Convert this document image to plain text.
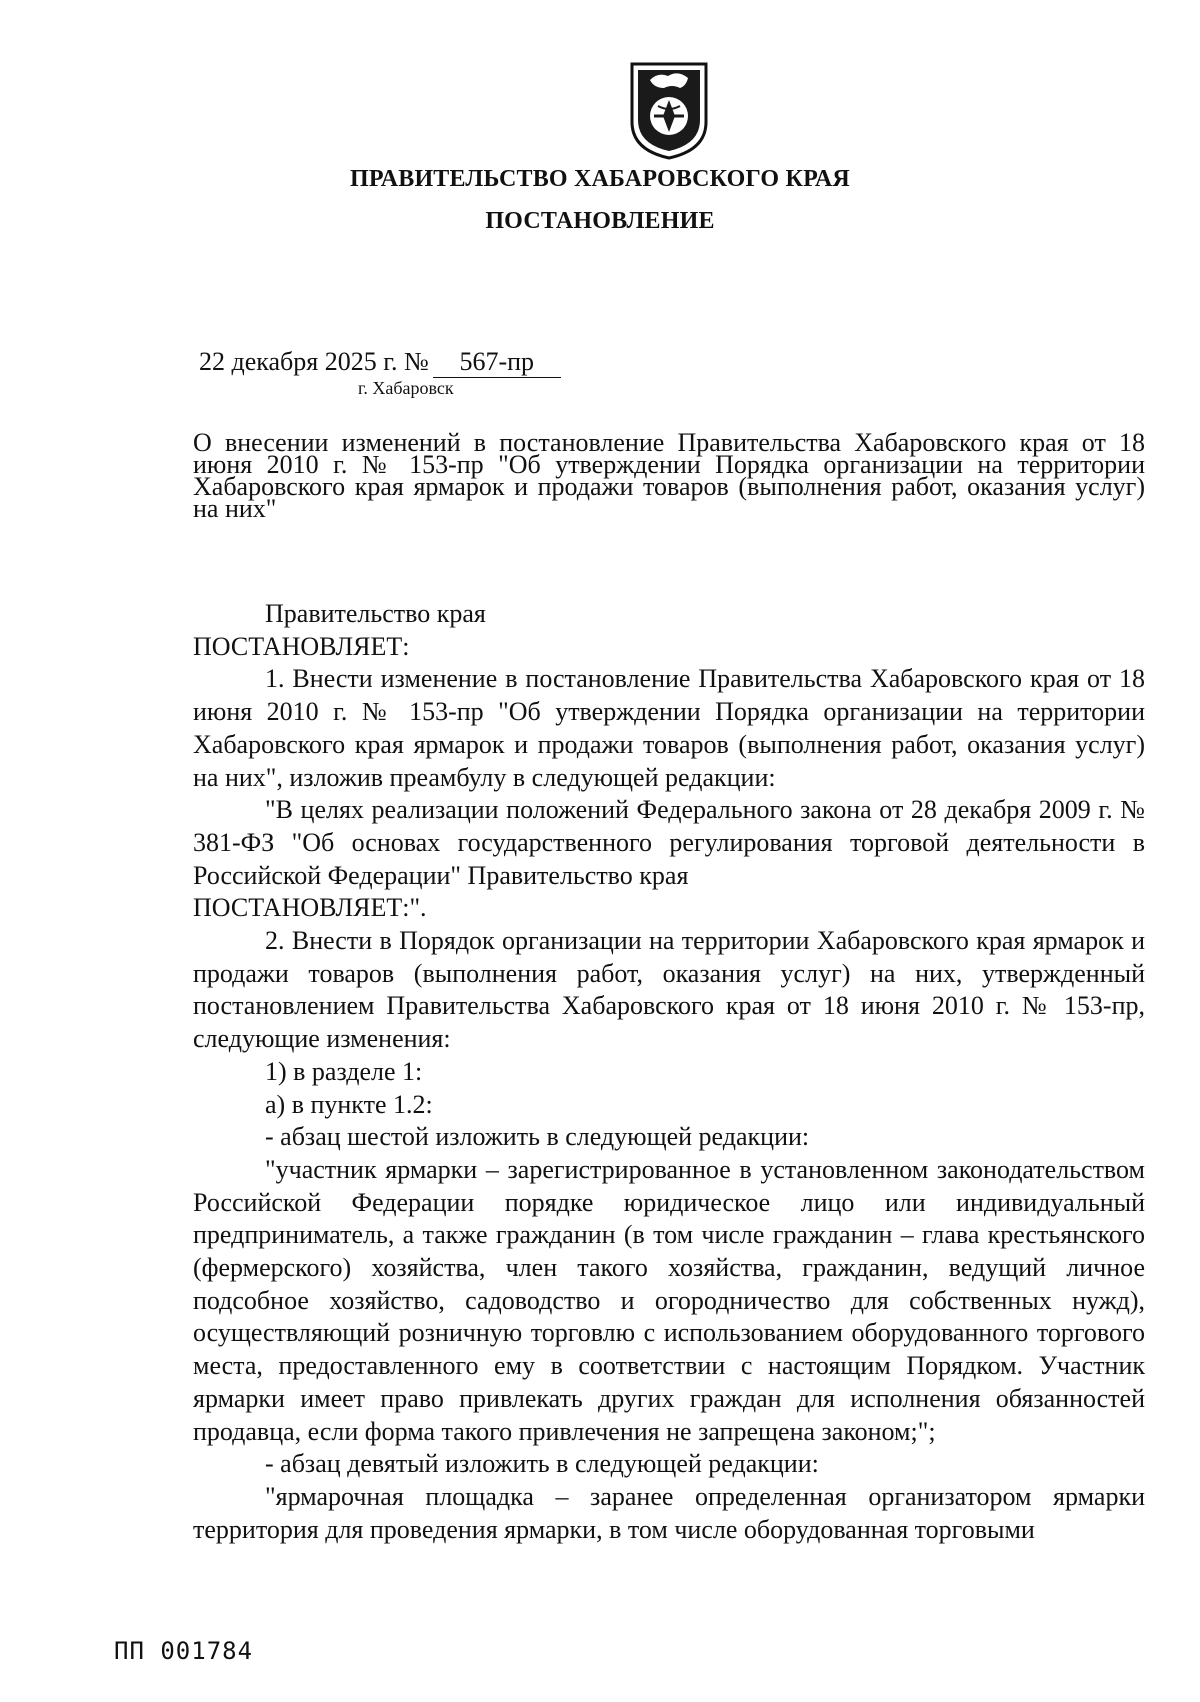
ПРАВИТЕЛЬСТВО ХАБАРОВСКОГО КРАЯ
ПОСТАНОВЛЕНИЕ
22 декабря 2025 г. № 567-пр
г. Хабаровск
О внесении изменений в постановление Правительства Хабаровского края от 18 июня 2010 г. № 153-пр "Об утверждении Порядка организации на территории Хабаровского края ярмарок и продажи товаров (выполнения работ, оказания услуг) на них"

Правительство края

ПОСТАНОВЛЯЕТ:

1. Внести изменение в постановление Правительства Хабаровского края от 18 июня 2010 г. № 153-пр "Об утверждении Порядка организации на территории Хабаровского края ярмарок и продажи товаров (выполнения работ, оказания услуг) на них", изложив преамбулу в следующей редакции:

"В целях реализации положений Федерального закона от 28 декабря 2009 г. № 381-ФЗ "Об основах государственного регулирования торговой деятельности в Российской Федерации" Правительство края

ПОСТАНОВЛЯЕТ:".

2. Внести в Порядок организации на территории Хабаровского края ярмарок и продажи товаров (выполнения работ, оказания услуг) на них, утвержденный постановлением Правительства Хабаровского края от 18 июня 2010 г. № 153-пр, следующие изменения:

1) в разделе 1:

а) в пункте 1.2:

- абзац шестой изложить в следующей редакции:

"участник ярмарки – зарегистрированное в установленном законодательством Российской Федерации порядке юридическое лицо или индивидуальный предприниматель, а также гражданин (в том числе гражданин – глава крестьянского (фермерского) хозяйства, член такого хозяйства, гражданин, ведущий личное подсобное хозяйство, садоводство и огородничество для собственных нужд), осуществляющий розничную торговлю с использованием оборудованного торгового места, предоставленного ему в соответствии с настоящим Порядком. Участник ярмарки имеет право привлекать других граждан для исполнения обязанностей продавца, если форма такого привлечения не запрещена законом;";

- абзац девятый изложить в следующей редакции:

"ярмарочная площадка – заранее определенная организатором ярмарки территория для проведения ярмарки, в том числе оборудованная торговыми

ПП 001784
